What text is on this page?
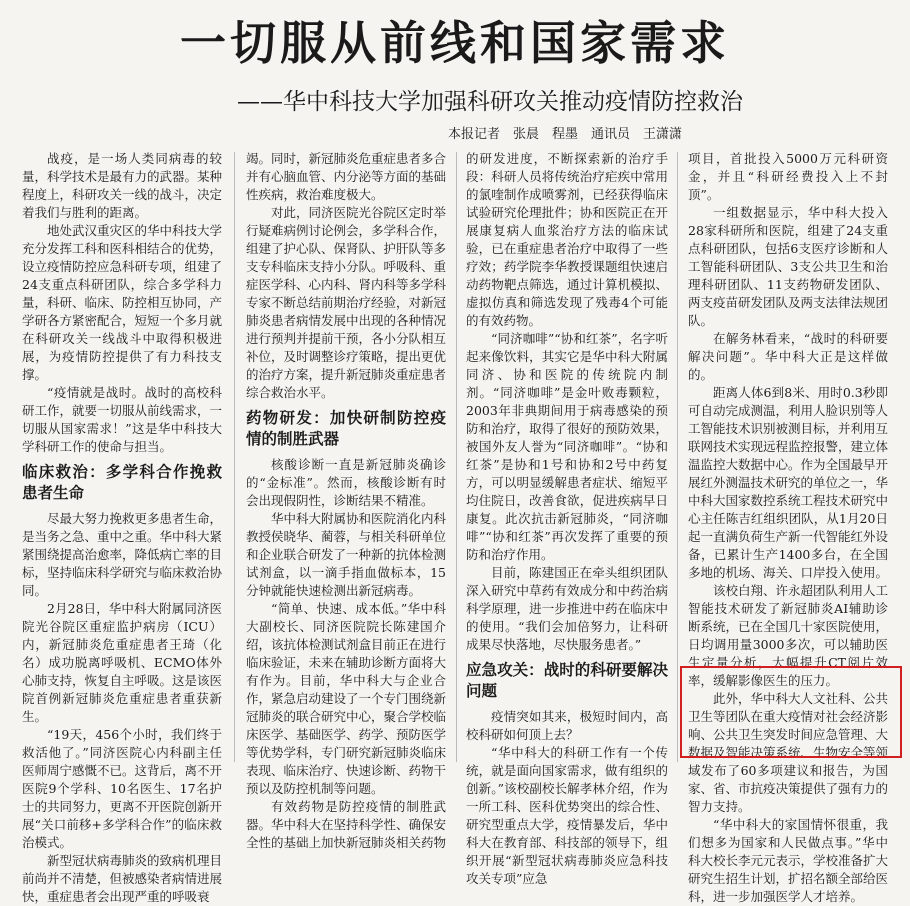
一切服从前线和国家需求
——华中科技大学加强科研攻关推动疫情防控救治
本报记者　张晨　程墨　通讯员　王潇潇

战疫，是一场人类同病毒的较量，科学技术是最有力的武器。某种程度上，科研攻关一线的战斗，决定着我们与胜利的距离。

地处武汉重灾区的华中科技大学充分发挥工科和医科相结合的优势，设立疫情防控应急科研专项，组建了24支重点科研团队，综合多学科力量，科研、临床、防控相互协同，产学研各方紧密配合，短短一个多月就在科研攻关一线战斗中取得积极进展，为疫情防控提供了有力科技支撑。

“疫情就是战时。战时的高校科研工作，就要一切服从前线需求，一切服从国家需求！”这是华中科技大学科研工作的使命与担当。

临床救治：多学科合作挽救患者生命

尽最大努力挽救更多患者生命，是当务之急、重中之重。华中科大紧紧围绕提高治愈率，降低病亡率的目标，坚持临床科学研究与临床救治协同。

2月28日，华中科大附属同济医院光谷院区重症监护病房（ICU）内，新冠肺炎危重症患者王琦（化名）成功脱离呼吸机、ECMO体外心肺支持，恢复自主呼吸。这是该医院首例新冠肺炎危重症患者重获新生。

“19天，456个小时，我们终于救活他了。”同济医院心内科副主任医师周宁感慨不已。这背后，离不开医院9个学科、10名医生、17名护士的共同努力，更离不开医院创新开展“关口前移+多学科合作”的临床救治模式。

新型冠状病毒肺炎的致病机理目前尚并不清楚，但被感染者病情进展快，重症患者会出现严重的呼吸衰

竭。同时，新冠肺炎危重症患者多合并有心脑血管、内分泌等方面的基础性疾病，救治难度极大。

对此，同济医院光谷院区定时举行疑难病例讨论例会，多学科合作，组建了护心队、保肾队、护肝队等多支专科临床支持小分队。呼吸科、重症医学科、心内科、肾内科等多学科专家不断总结前期治疗经验，对新冠肺炎患者病情发展中出现的各种情况进行预判并提前干预，各小分队相互补位，及时调整诊疗策略，提出更优的治疗方案，提升新冠肺炎重症患者综合救治水平。

药物研发：加快研制防控疫情的制胜武器

核酸诊断一直是新冠肺炎确诊的“金标准”。然而，核酸诊断有时会出现假阴性，诊断结果不精准。

华中科大附属协和医院消化内科教授侯晓华、蔺蓉，与相关科研单位和企业联合研发了一种新的抗体检测试剂盒，以一滴手指血做标本，15分钟就能快速检测出新冠病毒。

“简单、快速、成本低。”华中科大副校长、同济医院院长陈建国介绍，该抗体检测试剂盒目前正在进行临床验证，未来在辅助诊断方面将大有作为。目前，华中科大与企业合作，紧急启动建设了一个专门围绕新冠肺炎的联合研究中心，聚合学校临床医学、基础医学、药学、预防医学等优势学科，专门研究新冠肺炎临床表现、临床治疗、快速诊断、药物干预以及防控机制等问题。

有效药物是防控疫情的制胜武器。华中科大在坚持科学性、确保安全性的基础上加快新冠肺炎相关药物

的研发进度，不断探索新的治疗手段：科研人员将传统治疗疟疾中常用的氯喹制作成喷雾剂，已经获得临床试验研究伦理批件；协和医院正在开展康复病人血浆治疗方法的临床试验，已在重症患者治疗中取得了一些疗效；药学院李华教授课题组快速启动药物靶点筛选，通过计算机模拟、虚拟仿真和筛选发现了残毒4个可能的有效药物。

“同济咖啡”“协和红茶”，名字听起来像饮料，其实它是华中科大附属同济、协和医院的传统院内制剂。“同济咖啡”是金叶败毒颗粒，2003年非典期间用于病毒感染的预防和治疗，取得了很好的预防效果，被国外友人誉为“同济咖啡”。“协和红茶”是协和1号和协和2号中药复方，可以明显缓解患者症状、缩短平均住院日，改善食欲，促进疾病早日康复。此次抗击新冠肺炎，“同济咖啡”“协和红茶”再次发挥了重要的预防和治疗作用。

目前，陈建国正在牵头组织团队深入研究中草药有效成分和中药治病科学原理，进一步推进中药在临床中的使用。“我们会加倍努力，让科研成果尽快落地，尽快服务患者。”

应急攻关：战时的科研要解决问题

疫情突如其来，极短时间内，高校科研如何顶上去？

“华中科大的科研工作有一个传统，就是面向国家需求，做有组织的创新。”该校副校长解孝林介绍，作为一所工科、医科优势突出的综合性、研究型重点大学，疫情暴发后，华中科大在教育部、科技部的领导下，组织开展“新型冠状病毒肺炎应急科技攻关专项”应急

项目，首批投入5000万元科研资金，并且“科研经费投入上不封顶”。

一组数据显示，华中科大投入28家科研所和医院，组建了24支重点科研团队，包括6支医疗诊断和人工智能科研团队、3支公共卫生和治理科研团队、11支药物研发团队、两支疫苗研发团队及两支法律法规团队。

在解务林看来，“战时的科研要解决问题”。华中科大正是这样做的。

距离人体6到8米、用时0.3秒即可自动完成测温，利用人脸识别等人工智能技术识别被测目标，并利用互联网技术实现远程监控报警，建立体温监控大数据中心。作为全国最早开展红外测温技术研究的单位之一，华中科大国家数控系统工程技术研究中心主任陈吉红组织团队，从1月20日起一直满负荷生产新一代智能红外设备，已累计生产1400多台，在全国多地的机场、海关、口岸投入使用。

该校白翔、许永超团队利用人工智能技术研发了新冠肺炎AI辅助诊断系统，已在全国几十家医院使用，日均调用量3000多次，可以辅助医生定量分析，大幅提升CT阅片效率，缓解影像医生的压力。

此外，华中科大人文社科、公共卫生等团队在重大疫情对社会经济影响、公共卫生突发时间应急管理、大数据及智能决策系统、生物安全等领域发布了60多项建议和报告，为国家、省、市抗疫决策提供了强有力的智力支持。

“华中科大的家国情怀很重，我们想多为国家和人民做点事。”华中科大校长李元元表示，学校准备扩大研究生招生计划，扩招名额全部给医科，进一步加强医学人才培养。
